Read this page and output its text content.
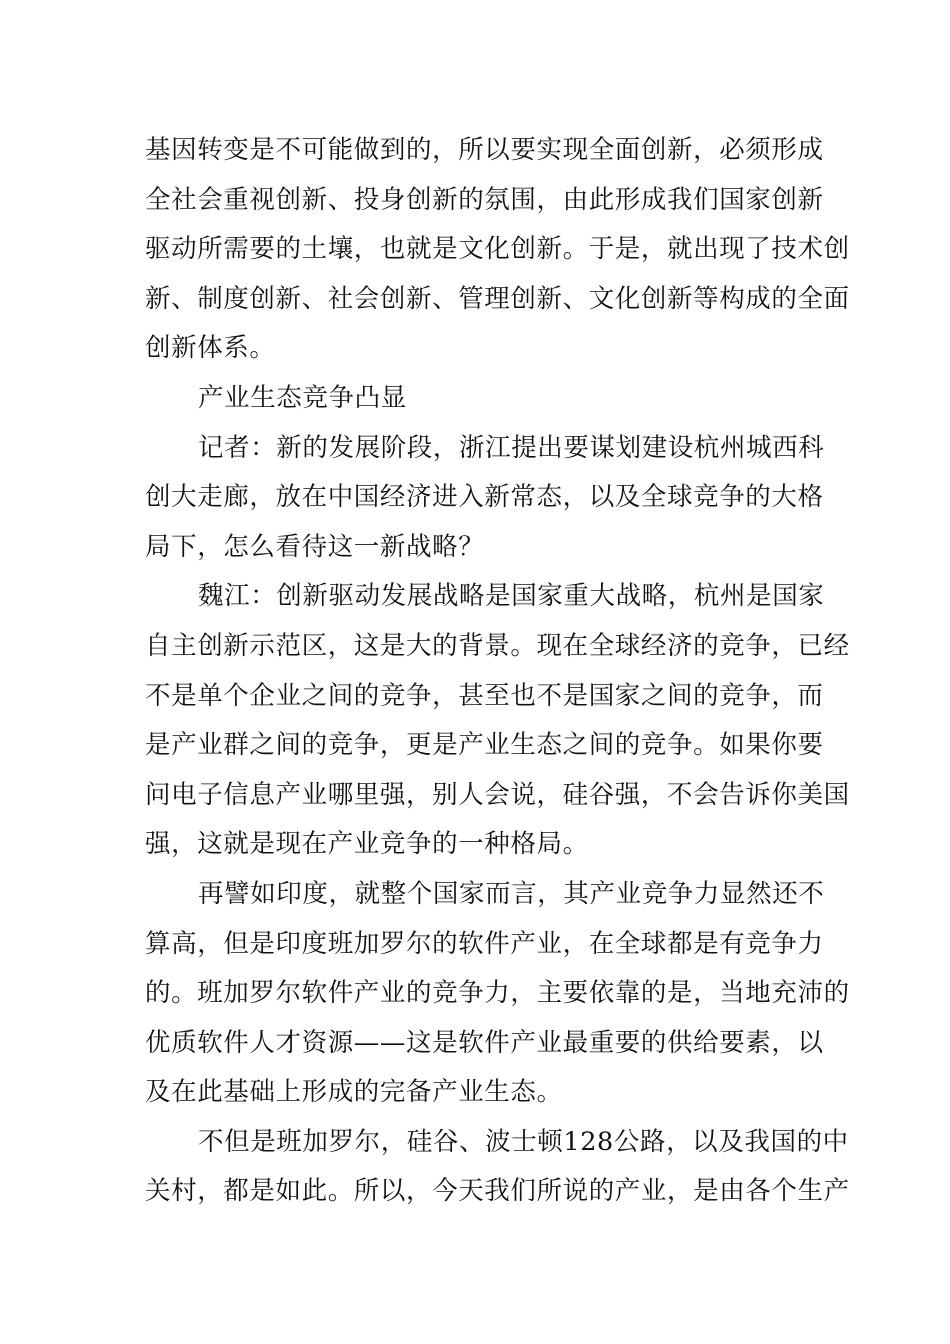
基因转变是不可能做到的，所以要实现全面创新，必须形成
全社会重视创新、投身创新的氛围，由此形成我们国家创新
驱动所需要的土壤，也就是文化创新。于是，就出现了技术创
新、制度创新、社会创新、管理创新、文化创新等构成的全面
创新体系。
产业生态竞争凸显
记者：新的发展阶段，浙江提出要谋划建设杭州城西科
创大走廊，放在中国经济进入新常态，以及全球竞争的大格
局下，怎么看待这一新战略？
魏江：创新驱动发展战略是国家重大战略，杭州是国家
自主创新示范区，这是大的背景。现在全球经济的竞争，已经
不是单个企业之间的竞争，甚至也不是国家之间的竞争，而
是产业群之间的竞争，更是产业生态之间的竞争。如果你要
问电子信息产业哪里强，别人会说，硅谷强，不会告诉你美国
强，这就是现在产业竞争的一种格局。
再譬如印度，就整个国家而言，其产业竞争力显然还不
算高，但是印度班加罗尔的软件产业，在全球都是有竞争力
的。班加罗尔软件产业的竞争力，主要依靠的是，当地充沛的
优质软件人才资源——这是软件产业最重要的供给要素，以
及在此基础上形成的完备产业生态。
不但是班加罗尔，硅谷、波士顿128公路，以及我国的中
关村，都是如此。所以，今天我们所说的产业，是由各个生产
